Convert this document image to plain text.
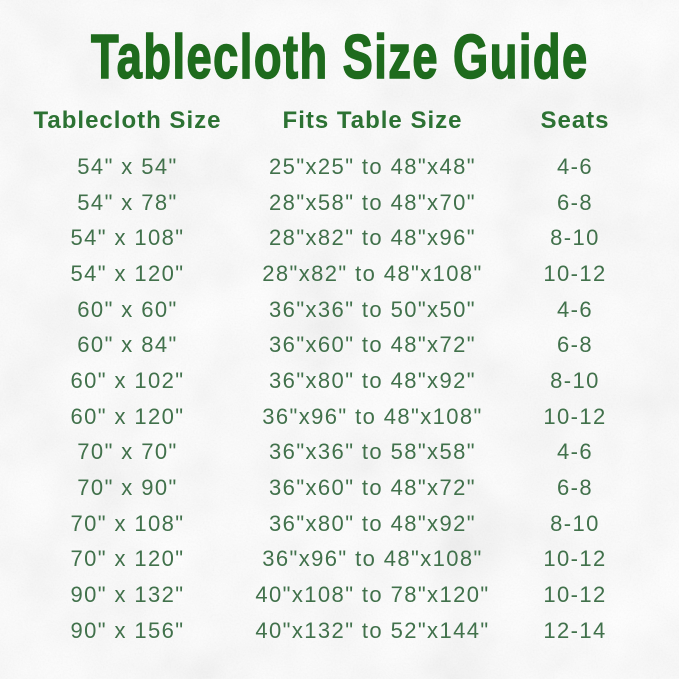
Tablecloth Size Guide
Tablecloth Size	Fits Table Size	Seats
54" x 54"	25"x25" to 48"x48"	4-6
54" x 78"	28"x58" to 48"x70"	6-8
54" x 108"	28"x82" to 48"x96"	8-10
54" x 120"	28"x82" to 48"x108"	10-12
60" x 60"	36"x36" to 50"x50"	4-6
60" x 84"	36"x60" to 48"x72"	6-8
60" x 102"	36"x80" to 48"x92"	8-10
60" x 120"	36"x96" to 48"x108"	10-12
70" x 70"	36"x36" to 58"x58"	4-6
70" x 90"	36"x60" to 48"x72"	6-8
70" x 108"	36"x80" to 48"x92"	8-10
70" x 120"	36"x96" to 48"x108"	10-12
90" x 132"	40"x108" to 78"x120"	10-12
90" x 156"	40"x132" to 52"x144"	12-14
